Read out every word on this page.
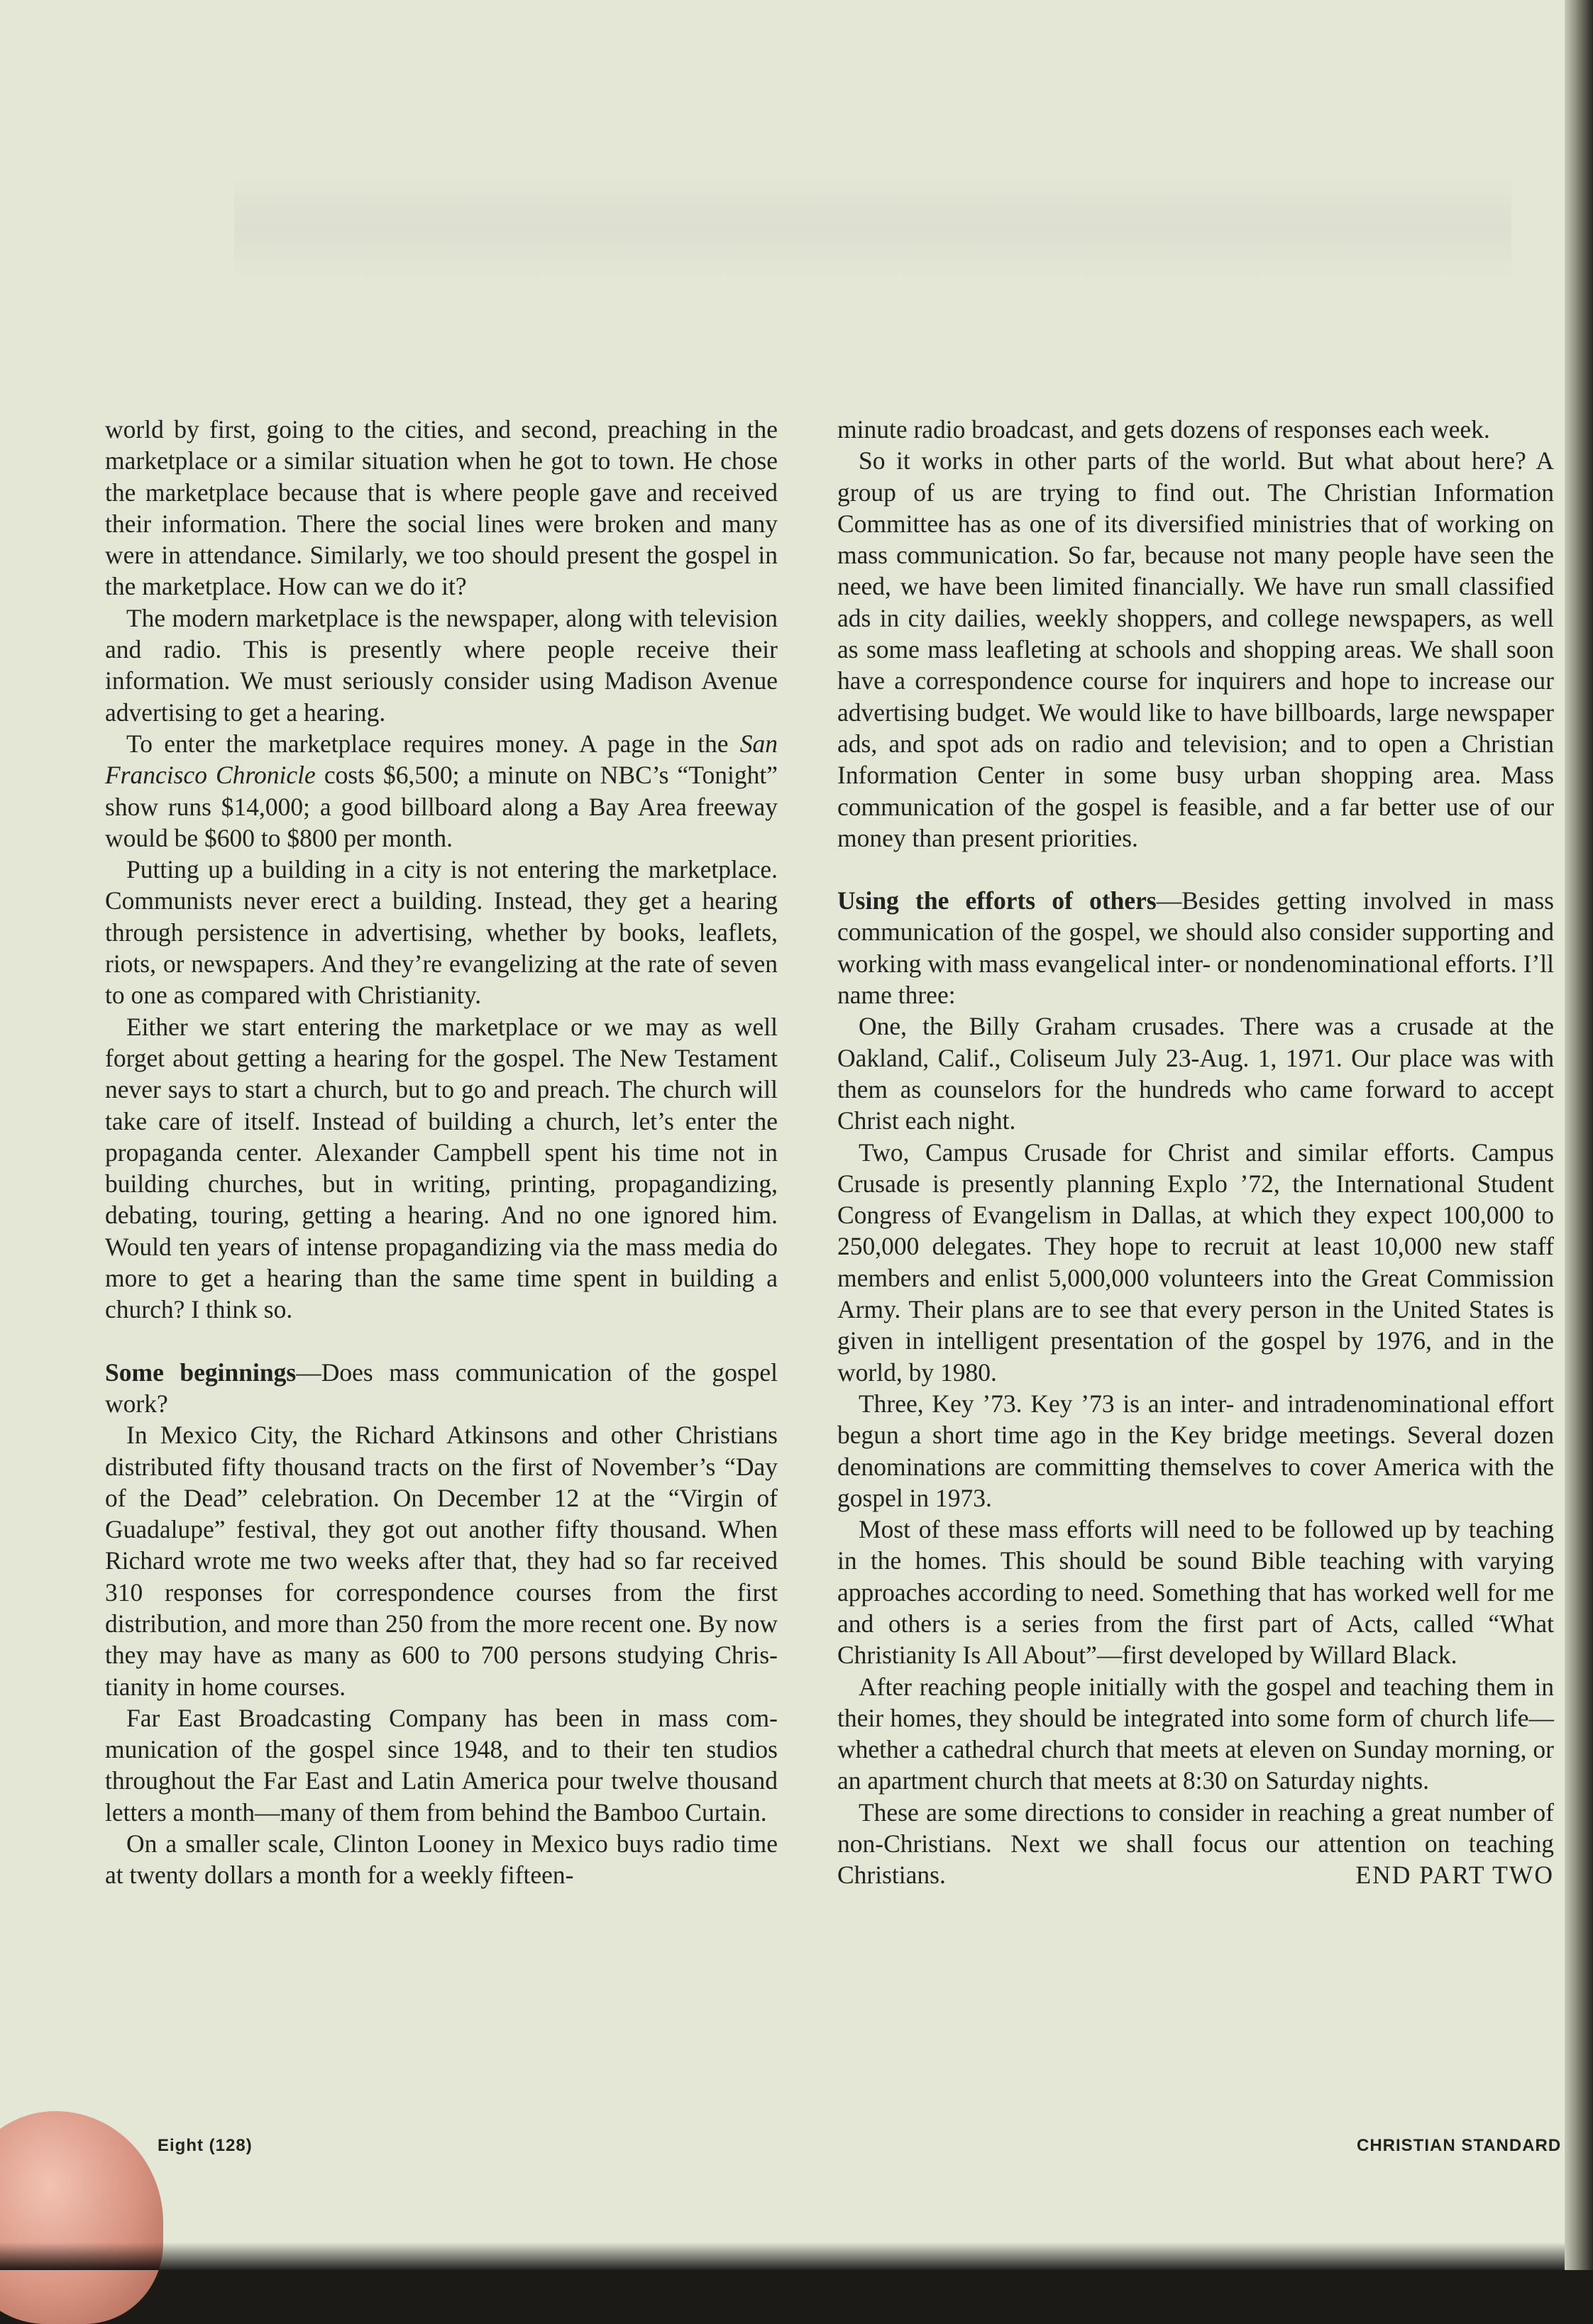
world by first, going to the cities, and second, preaching in the marketplace or a similar situation when he got to town. He chose the marketplace because that is where people gave and received their information. There the social lines were broken and many were in attendance. Similarly, we too should present the gospel in the marketplace. How can we do it?

The modern marketplace is the newspaper, along with television and radio. This is presently where people receive their information. We must seriously consider using Madison Avenue advertising to get a hearing.

To enter the marketplace requires money. A page in the San Francisco Chronicle costs $6,500; a minute on NBC’s “Tonight” show runs $14,000; a good billboard along a Bay Area freeway would be $600 to $800 per month.

Putting up a building in a city is not entering the marketplace. Communists never erect a building. Instead, they get a hearing through persistence in advertising, whether by books, leaflets, riots, or newspapers. And they’re evangelizing at the rate of seven to one as compared with Christianity.

Either we start entering the marketplace or we may as well forget about getting a hearing for the gospel. The New Testament never says to start a church, but to go and preach. The church will take care of itself. Instead of building a church, let’s enter the propaganda center. Alexander Campbell spent his time not in building churches, but in writing, printing, propagandizing, debating, touring, getting a hearing. And no one ignored him. Would ten years of intense propagandizing via the mass media do more to get a hearing than the same time spent in building a church? I think so.

Some beginnings—Does mass communication of the gospel work?

In Mexico City, the Richard Atkinsons and other Christians distributed fifty thousand tracts on the first of November’s “Day of the Dead” celebration. On December 12 at the “Virgin of Guadalupe” festival, they got out another fifty thousand. When Richard wrote me two weeks after that, they had so far received 310 responses for correspondence courses from the first distribution, and more than 250 from the more recent one. By now they may have as many as 600 to 700 persons studying Christianity in home courses.

Far East Broadcasting Company has been in mass communication of the gospel since 1948, and to their ten studios throughout the Far East and Latin America pour twelve thousand letters a month—many of them from behind the Bamboo Curtain.

On a smaller scale, Clinton Looney in Mexico buys radio time at twenty dollars a month for a weekly fifteen-

minute radio broadcast, and gets dozens of responses each week.

So it works in other parts of the world. But what about here? A group of us are trying to find out. The Christian Information Committee has as one of its diversified ministries that of working on mass communication. So far, because not many people have seen the need, we have been limited financially. We have run small classified ads in city dailies, weekly shoppers, and college newspapers, as well as some mass leafleting at schools and shopping areas. We shall soon have a correspondence course for inquirers and hope to increase our advertising budget. We would like to have billboards, large newspaper ads, and spot ads on radio and television; and to open a Christian Information Center in some busy urban shopping area. Mass communication of the gospel is feasible, and a far better use of our money than present priorities.

Using the efforts of others—Besides getting involved in mass communication of the gospel, we should also consider supporting and working with mass evangelical inter- or nondenominational efforts. I’ll name three:

One, the Billy Graham crusades. There was a crusade at the Oakland, Calif., Coliseum July 23-Aug. 1, 1971. Our place was with them as counselors for the hundreds who came forward to accept Christ each night.

Two, Campus Crusade for Christ and similar efforts. Campus Crusade is presently planning Explo ’72, the International Student Congress of Evangelism in Dallas, at which they expect 100,000 to 250,000 delegates. They hope to recruit at least 10,000 new staff members and enlist 5,000,000 volunteers into the Great Commission Army. Their plans are to see that every person in the United States is given in intelligent presentation of the gospel by 1976, and in the world, by 1980.

Three, Key ’73. Key ’73 is an inter- and intradenominational effort begun a short time ago in the Key bridge meetings. Several dozen denominations are committing themselves to cover America with the gospel in 1973.

Most of these mass efforts will need to be followed up by teaching in the homes. This should be sound Bible teaching with varying approaches according to need. Something that has worked well for me and others is a series from the first part of Acts, called “What Christianity Is All About”—first developed by Willard Black.

After reaching people initially with the gospel and teaching them in their homes, they should be integrated into some form of church life—whether a cathedral church that meets at eleven on Sunday morning, or an apartment church that meets at 8:30 on Saturday nights.

These are some directions to consider in reaching a great number of non-Christians. Next we shall focus our attention on teaching Christians.	END PART TWO

Eight (128)	CHRISTIAN STANDARD
